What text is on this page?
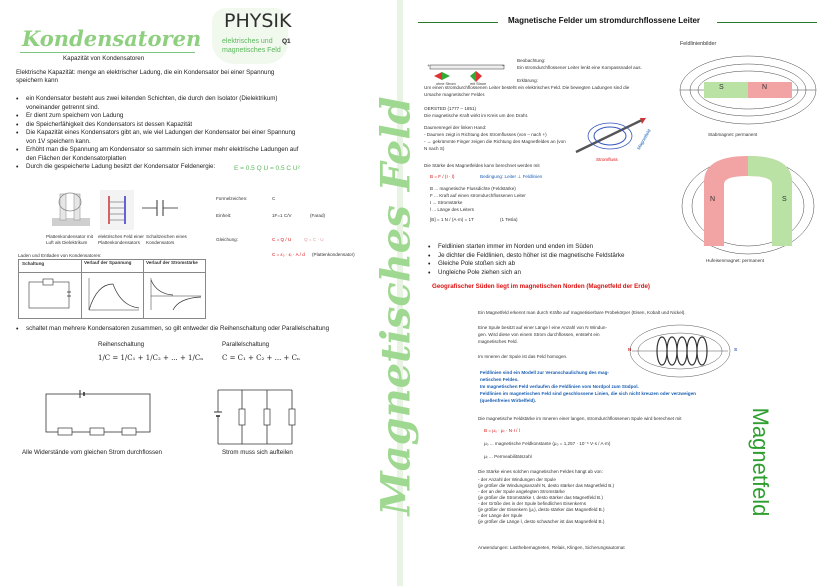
Kondensatoren
Kapazität von Kondensatoren
PHYSIK
Q1
elektrisches und
magnetisches Feld
Elektrische Kapazität: menge an elektrischer Ladung, die ein Kondensator bei einer Spannung
speichern kann
• ein Kondensator besteht aus zwei leitenden Schichten, die durch den Isolator (Dielektrikum)
voneinander getrennt sind.
• Er dient zum speichern von Ladung
• die Speicherfähigkeit des Kondensators ist dessen Kapazität
• Die Kapazität eines Kondensators gibt an, wie viel Ladungen der Kondensator bei einer Spannung
von 1V speichern kann.
• Erhöht man die Spannung am Kondensator so sammeln sich immer mehr elektrische Ladungen auf
den Flächen der Kondensatorplatten
• Durch die gespeicherte Ladung besitzt der Kondensator Feldenergie:	E = 0.5 Q U = 0.5 C U²
Plattenkondensator mit Luft als Dielektrikum
elektrisches Feld einer Plattenkondensators
Schaltzeichen eines Kondensators
Formelzeichen:	C
Einheit:	1F=1 C/V	(Farad)
Gleichung:	C = Q / U	Q = C · U
C = ε₀ · εᵣ · A / d (Plattenkondensator)
Laden und Entladen von Kondensatoren:
Schaltung	Verlauf der Spannung	Verlauf der Stromstärke
• schaltet man mehrere Kondensatoren zusammen, so gilt entweder die Reihenschaltung oder Parallelschaltung
Reihenschaltung	Parallelschaltung
1/C = 1/C₁ + 1/C₂ + ... + 1/Cₙ	C = C₁ + C₂ + ... + Cₙ
Alle Widerstände vom gleichen Strom durchflossen	Strom muss sich aufteilen Magnetisches Feld
Magnetische Felder um stromdurchflossene Leiter
+	–
ohne Strom	mit Strom
Beobachtung:
Ein stromdurchflossener Leiter lenkt eine Kompassnadel aus.
Erklärung:
Um einen stromdurchflossenen Leiter besteht ein elektrisches Feld. Die bewegten Ladungen sind die
Ursache magnetischer Felder.
OERSTED (1777 – 1851)
Die magnetische Kraft wirkt im Kreis um den Draht.
Daumenregel der linken Hand:
- Daumen zeigt in Richtung des Stromflusses (von – nach +)
- → gekrümmte Finger zeigen die Richtung des Magnetfeldes an (von
N nach S)
Stromfluss
Magnetfeld
Die Stärke des Magnetfeldes kann berechnet werden mit
B = F / (I · l)	Bedingung: Leiter ⊥ Feldlinien
B ... magnetische Flussdichte (Feldstärke)
F ... Kraft auf einen stromdurchflossenen Leiter
I ... Stromstärke
l ... Länge des Leiters
[B] = 1 N / (A·m) = 1T	(1 Tesla)
Feldlinienbilder
S	N
Stabmagnet: permanent
N	S
Hufeisenmagnet: permanent
• Feldlinien starten immer im Norden und enden im Süden
• Je dichter die Feldlinien, desto höher ist die magnetische Feldstärke
• Gleiche Pole stoßen sich ab
• Ungleiche Pole ziehen sich an
Geografischer Süden liegt im magnetischen Norden (Magnetfeld der Erde)
Ein Magnetfeld erkennt man durch Kräfte auf magnetisierbare Probekörper (Eisen, Kobalt und Nickel).
Eine Spule besitzt auf einer Länge l eine Anzahl von N Windun-
gen. Wird diese von einem Strom durchflossen, entsteht ein
magnetisches Feld.
Im Inneren der Spule ist das Feld homogen.
N	S
Feldlinien sind ein Modell zur Veranschaulichung des mag-
netischen Feldes.
Im magnetischen Feld verlaufen die Feldlinien vom Nordpol zum Südpol.
Feldlinien im magnetischen Feld sind geschlossene Linien, die sich nicht kreuzen oder verzweigen
(quellenfreies Wirbelfeld).
Die magnetische Feldstärke im Inneren einer langen, stromdurchflossenen Spule wird berechnet mit
B = μ₀ · μᵣ · N·I / l
μ₀ ... magnetische Feldkonstante (μ₀ = 1,257 · 10⁻⁶ V·s / A·m)
μᵣ ... Permeabilitätszahl
Die Stärke eines solchen magnetischen Feldes hängt ab von:
- der Anzahl der Windungen der Spule
(je größer die Windungsanzahl N, desto stärker das Magnetfeld B.)
- der an der Spule angelegten Stromstärke
(je größer die Stromstärke I, desto stärker das Magnetfeld B.)
- der Größe des in der Spule befindlichen Eisenkerns
(je größer der Eisenkern (μᵣ), desto stärker das Magnetfeld B.)
- der Länge der Spule
(je größer die Länge l, desto schwächer ist das Magnetfeld B.)
Anwendungen: Lasthebemagneten, Relais, Klingen, Sicherungsautomat
Magnetfeld
